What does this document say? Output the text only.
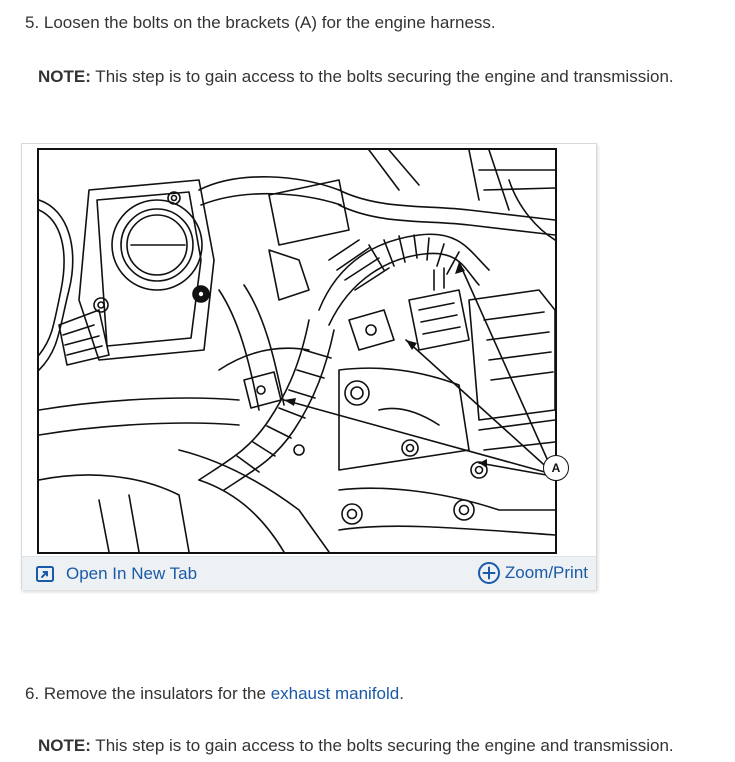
5. Loosen the bolts on the brackets (A) for the engine harness.

NOTE: This step is to gain access to the bolts securing the engine and transmission.

A
Open In New Tab	Zoom/Print

6. Remove the insulators for the exhaust manifold.

NOTE: This step is to gain access to the bolts securing the engine and transmission.
